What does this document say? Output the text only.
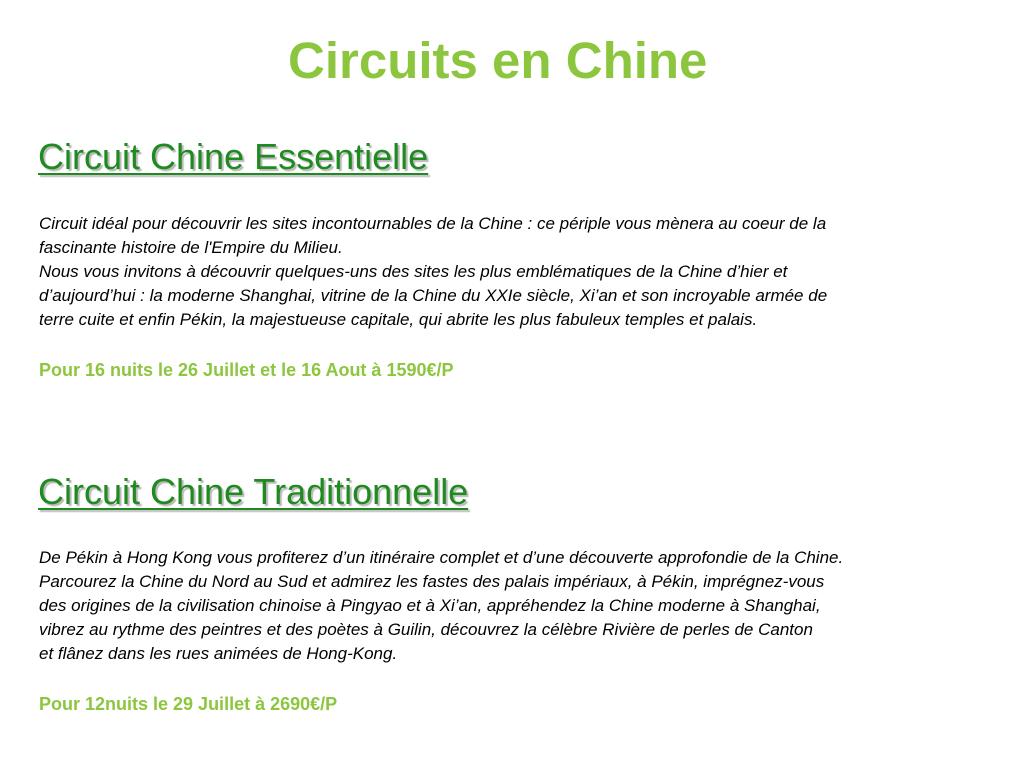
Circuits en Chine
Circuit Chine Essentielle
Circuit idéal pour découvrir les sites incontournables de la Chine : ce périple vous mènera au coeur de la
fascinante histoire de l'Empire du Milieu.
Nous vous invitons à découvrir quelques-uns des sites les plus emblématiques de la Chine d’hier et
d’aujourd’hui : la moderne Shanghai, vitrine de la Chine du XXIe siècle, Xi’an et son incroyable armée de
terre cuite et enfin Pékin, la majestueuse capitale, qui abrite les plus fabuleux temples et palais.

Pour 16 nuits le 26 Juillet et le 16 Aout à 1590€/P

Circuit Chine Traditionnelle
De Pékin à Hong Kong vous profiterez d’un itinéraire complet et d’une découverte approfondie de la Chine.
Parcourez la Chine du Nord au Sud et admirez les fastes des palais impériaux, à Pékin, imprégnez-vous
des origines de la civilisation chinoise à Pingyao et à Xi’an, appréhendez la Chine moderne à Shanghai,
vibrez au rythme des peintres et des poètes à Guilin, découvrez la célèbre Rivière de perles de Canton
et flânez dans les rues animées de Hong-Kong.

Pour 12nuits le 29 Juillet à 2690€/P
